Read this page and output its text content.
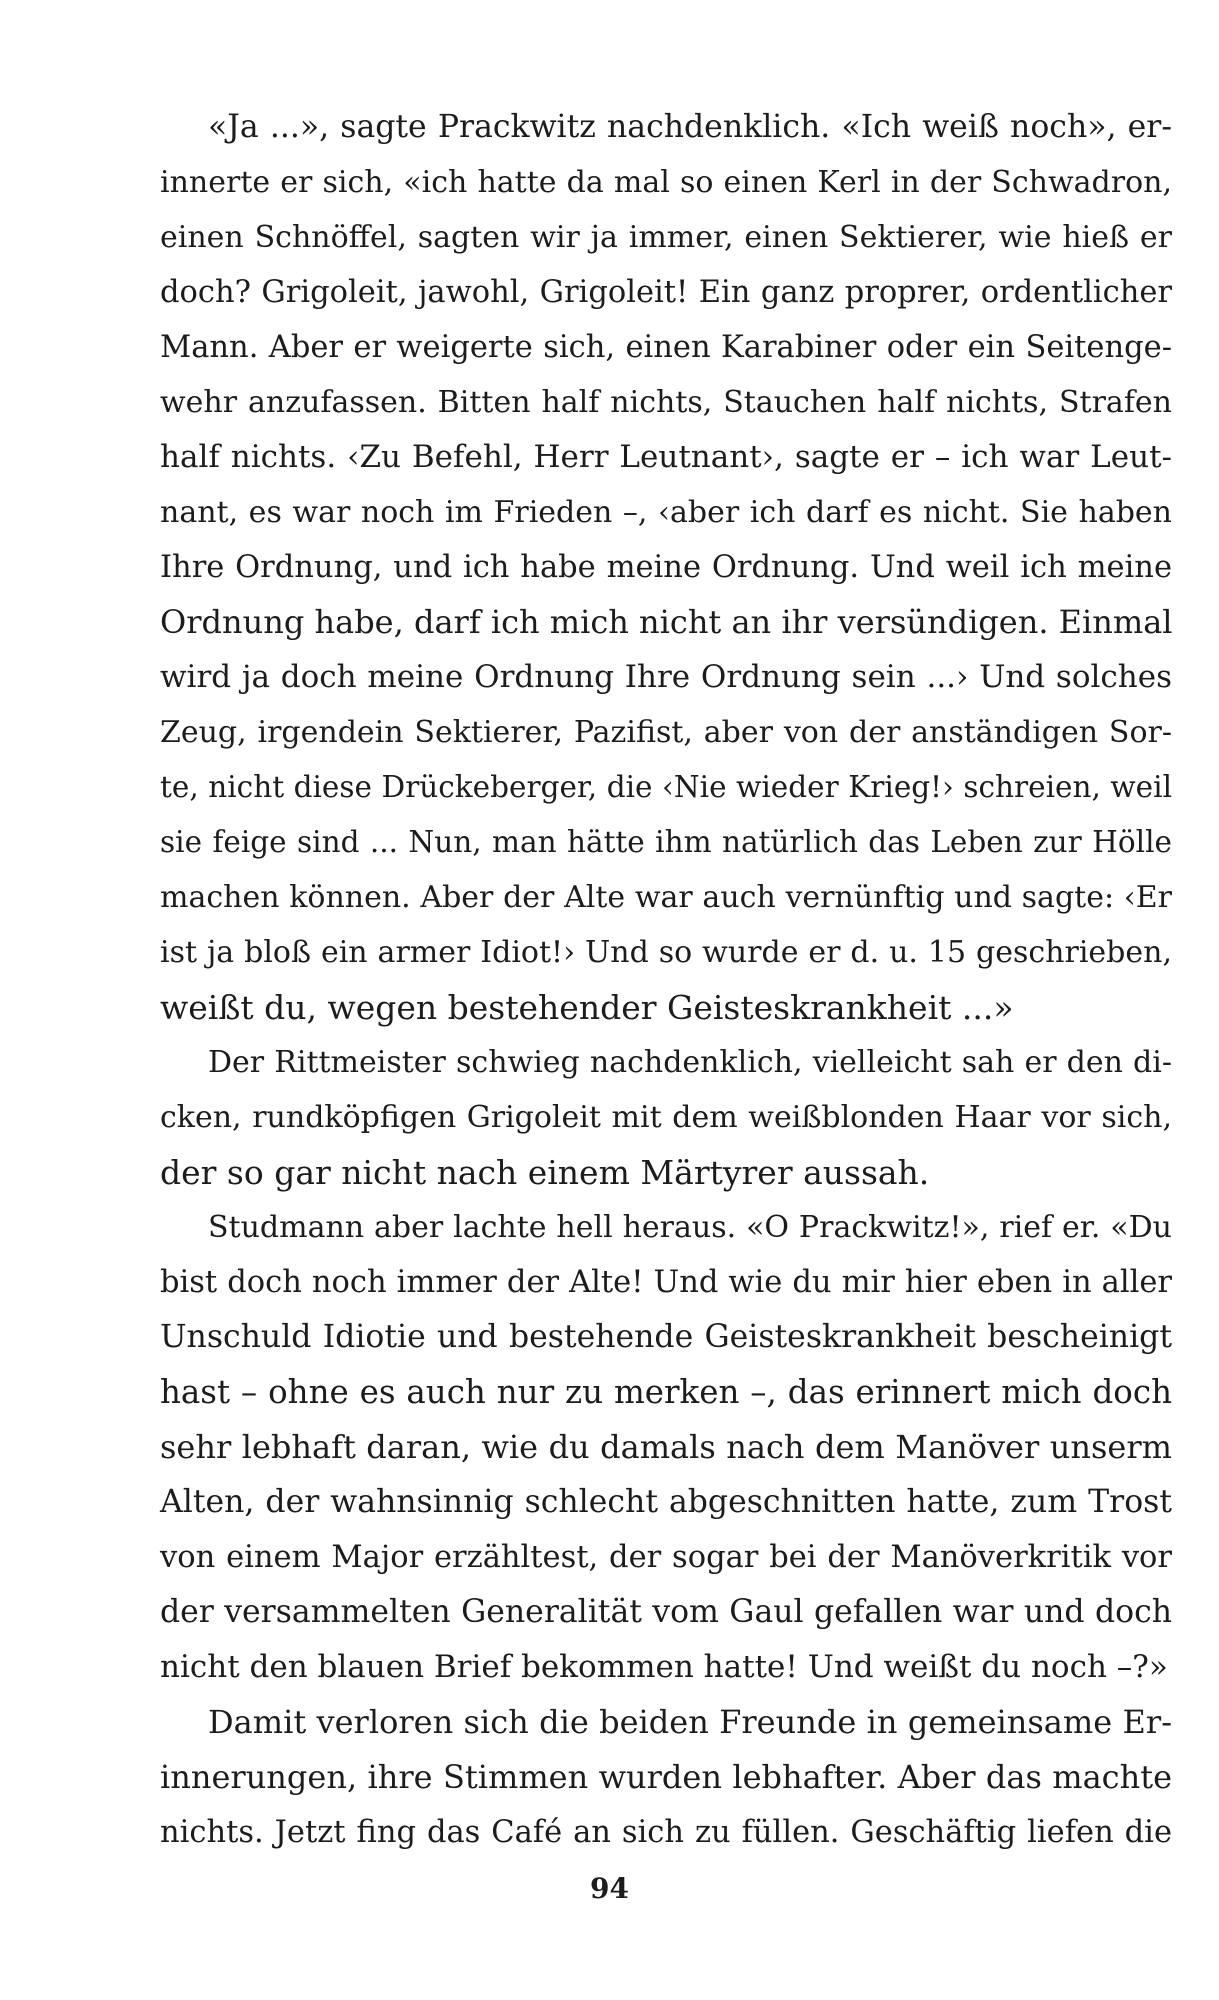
«Ja ...», sagte Prackwitz nachdenklich. «Ich weiß noch», er-
innerte er sich, «ich hatte da mal so einen Kerl in der Schwadron,
einen Schnöffel, sagten wir ja immer, einen Sektierer, wie hieß er
doch? Grigoleit, jawohl, Grigoleit! Ein ganz proprer, ordentlicher
Mann. Aber er weigerte sich, einen Karabiner oder ein Seitenge-
wehr anzufassen. Bitten half nichts, Stauchen half nichts, Strafen
half nichts. ‹Zu Befehl, Herr Leutnant›, sagte er – ich war Leut-
nant, es war noch im Frieden –, ‹aber ich darf es nicht. Sie haben
Ihre Ordnung, und ich habe meine Ordnung. Und weil ich meine
Ordnung habe, darf ich mich nicht an ihr versündigen. Einmal
wird ja doch meine Ordnung Ihre Ordnung sein ...› Und solches
Zeug, irgendein Sektierer, Pazifist, aber von der anständigen Sor-
te, nicht diese Drückeberger, die ‹Nie wieder Krieg!› schreien, weil
sie feige sind ... Nun, man hätte ihm natürlich das Leben zur Hölle
machen können. Aber der Alte war auch vernünftig und sagte: ‹Er
ist ja bloß ein armer Idiot!› Und so wurde er d. u. 15 geschrieben,
weißt du, wegen bestehender Geisteskrankheit ...»
Der Rittmeister schwieg nachdenklich, vielleicht sah er den di-
cken, rundköpfigen Grigoleit mit dem weißblonden Haar vor sich,
der so gar nicht nach einem Märtyrer aussah.
Studmann aber lachte hell heraus. «O Prackwitz!», rief er. «Du
bist doch noch immer der Alte! Und wie du mir hier eben in aller
Unschuld Idiotie und bestehende Geisteskrankheit bescheinigt
hast – ohne es auch nur zu merken –, das erinnert mich doch
sehr lebhaft daran, wie du damals nach dem Manöver unserm
Alten, der wahnsinnig schlecht abgeschnitten hatte, zum Trost
von einem Major erzähltest, der sogar bei der Manöverkritik vor
der versammelten Generalität vom Gaul gefallen war und doch
nicht den blauen Brief bekommen hatte! Und weißt du noch –?»
Damit verloren sich die beiden Freunde in gemeinsame Er-
innerungen, ihre Stimmen wurden lebhafter. Aber das machte
nichts. Jetzt fing das Café an sich zu füllen. Geschäftig liefen die
94
